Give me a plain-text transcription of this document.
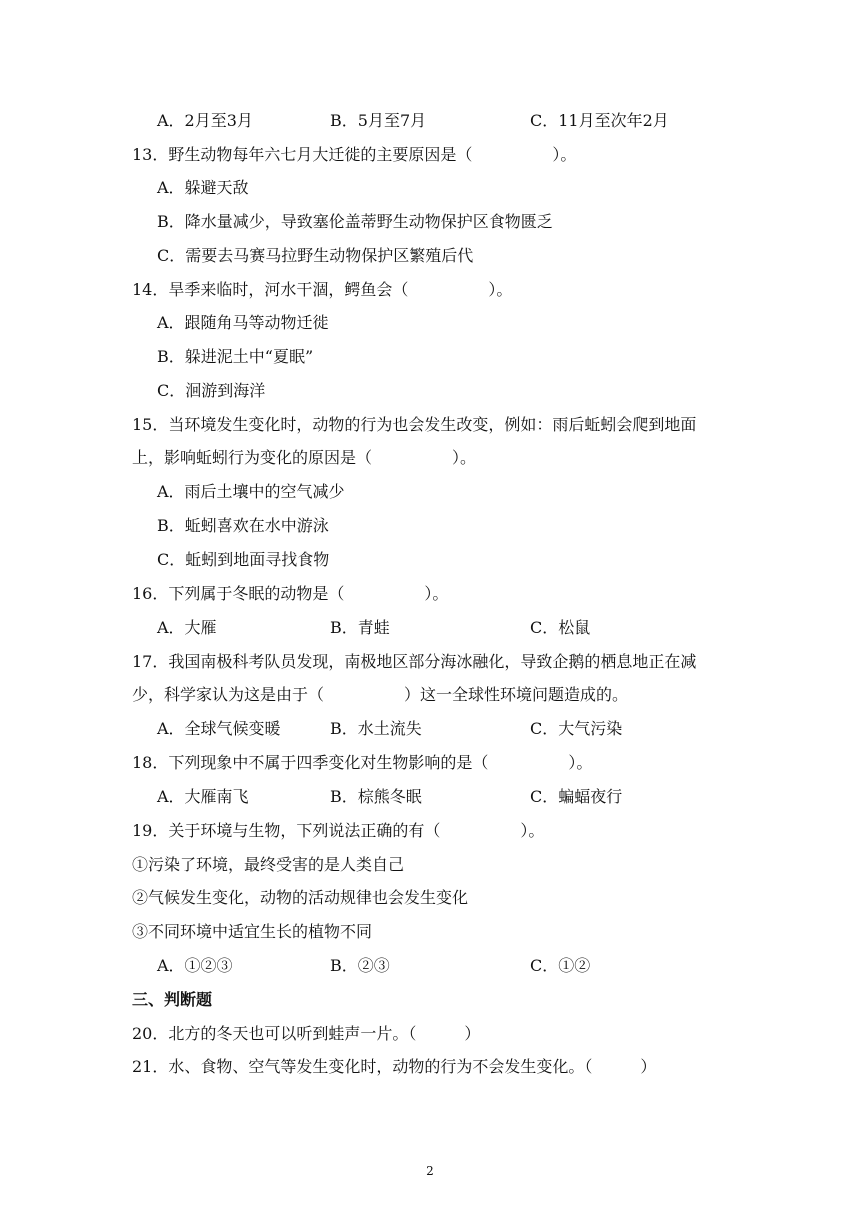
A．2月至3月

	B．5月至7月

	C．11月至次年2月

13．野生动物每年六七月大迁徙的主要原因是（　　　　　）。
A．躲避天敌
B．降水量减少，导致塞伦盖蒂野生动物保护区食物匮乏
C．需要去马赛马拉野生动物保护区繁殖后代
14．旱季来临时，河水干涸，鳄鱼会（　　　　　）。
A．跟随角马等动物迁徙
B．躲进泥土中“夏眠”
C．洄游到海洋
15．当环境发生变化时，动物的行为也会发生改变，例如：雨后蚯蚓会爬到地面
上，影响蚯蚓行为变化的原因是（　　　　　）。
A．雨后土壤中的空气减少
B．蚯蚓喜欢在水中游泳
C．蚯蚓到地面寻找食物
16．下列属于冬眠的动物是（　　　　　）。

A．大雁

	B．青蛙

	C．松鼠

17．我国南极科考队员发现，南极地区部分海冰融化，导致企鹅的栖息地正在减
少，科学家认为这是由于（　　　　　）这一全球性环境问题造成的。

A．全球气候变暖

	B．水土流失

	C．大气污染

18．下列现象中不属于四季变化对生物影响的是（　　　　　）。

A．大雁南飞

	B．棕熊冬眠

	C．蝙蝠夜行

19．关于环境与生物，下列说法正确的有（　　　　　）。
①污染了环境，最终受害的是人类自己
②气候发生变化，动物的活动规律也会发生变化
③不同环境中适宜生长的植物不同

A．①②③

	B．②③

	C．①②

三、判断题
20．北方的冬天也可以听到蛙声一片。（　　　）
21．水、食物、空气等发生变化时，动物的行为不会发生变化。（　　　）
2
